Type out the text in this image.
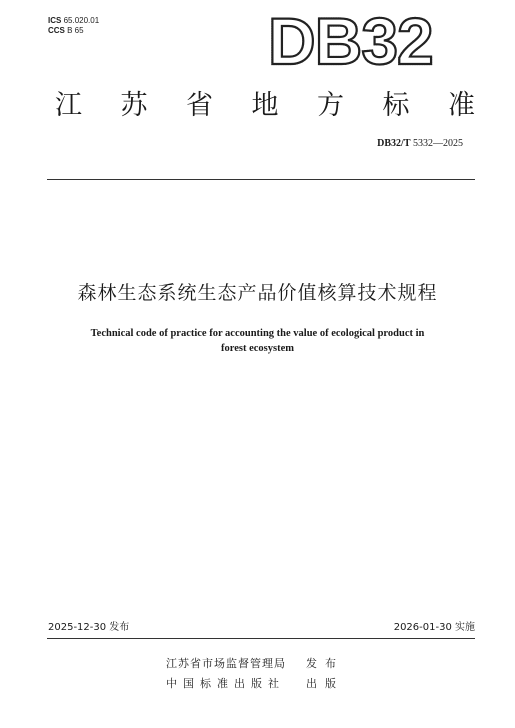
ICS 65.020.01
CCS B 65	DB32
江 苏 省 地 方 标 准
DB32/T 5332—2025
森林生态系统生态产品价值核算技术规程
Technical code of practice for accounting the value of ecological product in
forest ecosystem
2025-12-30 发布	2026-01-30 实施
江苏省市场监督管理局	发布
中国标准出版社	出版
